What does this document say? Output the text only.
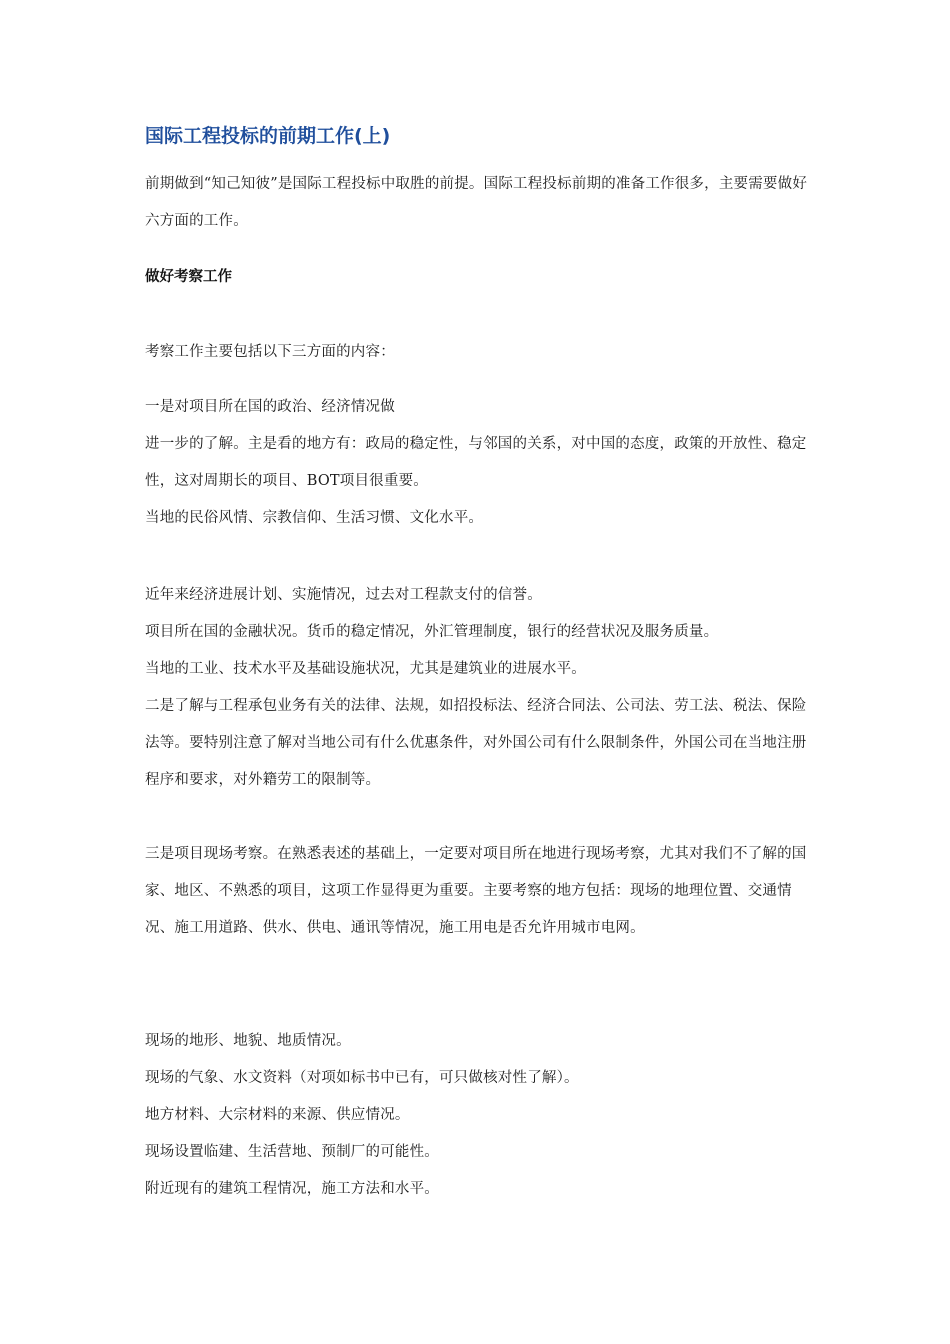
国际工程投标的前期工作(上)

前期做到“知己知彼”是国际工程投标中取胜的前提。国际工程投标前期的准备工作很多，主要需要做好六方面的工作。

做好考察工作

考察工作主要包括以下三方面的内容：

一是对项目所在国的政治、经济情况做

进一步的了解。主是看的地方有：政局的稳定性，与邻国的关系，对中国的态度，政策的开放性、稳定性，这对周期长的项目、BOT项目很重要。

当地的民俗风情、宗教信仰、生活习惯、文化水平。

近年来经济进展计划、实施情况，过去对工程款支付的信誉。

项目所在国的金融状况。货币的稳定情况，外汇管理制度，银行的经营状况及服务质量。

当地的工业、技术水平及基础设施状况，尤其是建筑业的进展水平。

二是了解与工程承包业务有关的法律、法规，如招投标法、经济合同法、公司法、劳工法、税法、保险法等。要特别注意了解对当地公司有什么优惠条件，对外国公司有什么限制条件，外国公司在当地注册程序和要求，对外籍劳工的限制等。

三是项目现场考察。在熟悉表述的基础上，一定要对项目所在地进行现场考察，尤其对我们不了解的国家、地区、不熟悉的项目，这项工作显得更为重要。主要考察的地方包括：现场的地理位置、交通情况、施工用道路、供水、供电、通讯等情况，施工用电是否允许用城市电网。

现场的地形、地貌、地质情况。

现场的气象、水文资料（对项如标书中已有，可只做核对性了解）。

地方材料、大宗材料的来源、供应情况。

现场设置临建、生活营地、预制厂的可能性。

附近现有的建筑工程情况，施工方法和水平。
